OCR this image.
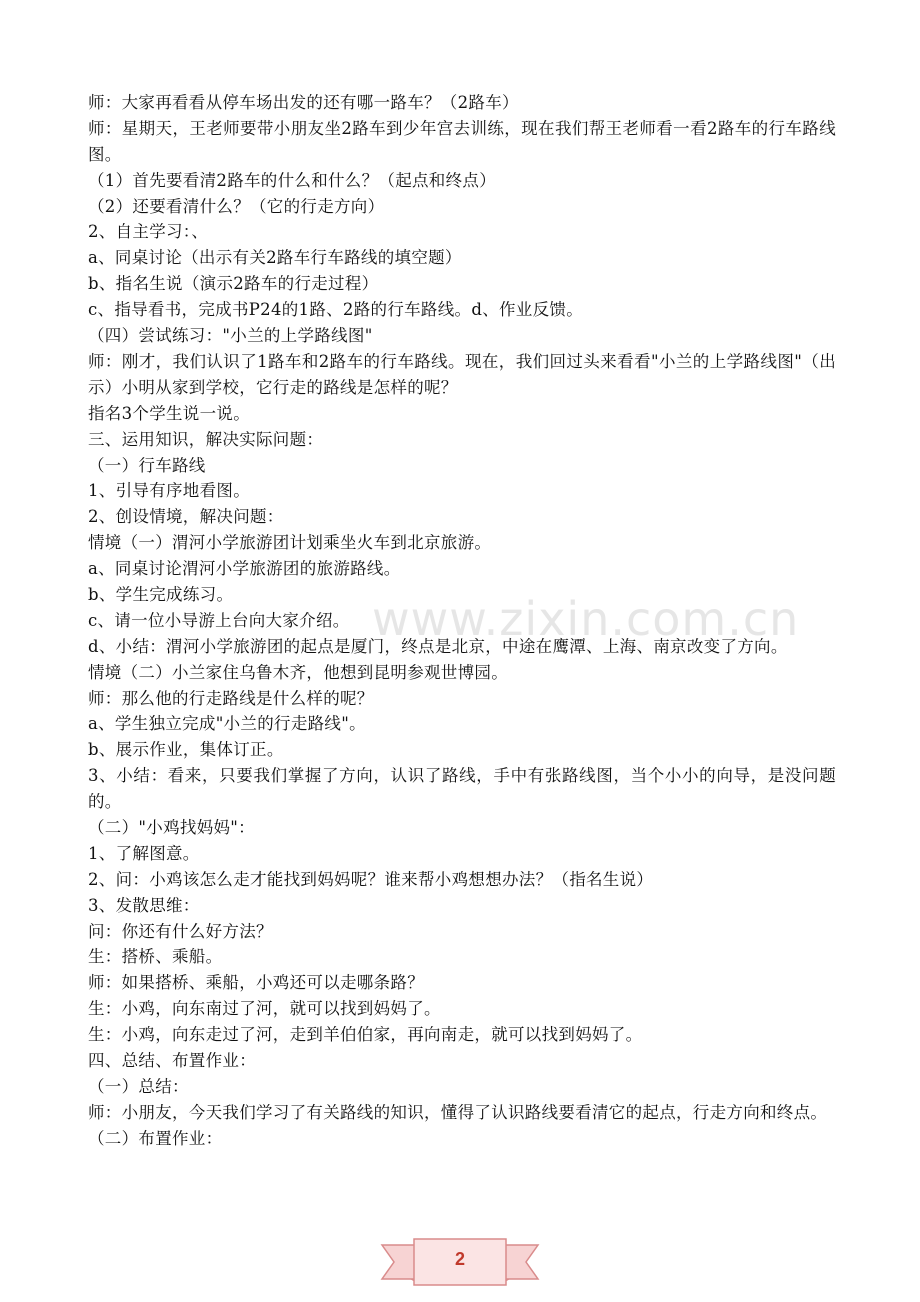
www.zixin.com.cn
师：大家再看看从停车场出发的还有哪一路车？（2路车）
师：星期天，王老师要带小朋友坐2路车到少年宫去训练，现在我们帮王老师看一看2路车的行车路线图。
（1）首先要看清2路车的什么和什么？（起点和终点）
（2）还要看清什么？（它的行走方向）
2、自主学习：、
a、同桌讨论（出示有关2路车行车路线的填空题）
b、指名生说（演示2路车的行走过程）
c、指导看书，完成书P24的1路、2路的行车路线。d、作业反馈。
（四）尝试练习："小兰的上学路线图"
师：刚才，我们认识了1路车和2路车的行车路线。现在，我们回过头来看看"小兰的上学路线图"（出示）小明从家到学校，它行走的路线是怎样的呢？
指名3个学生说一说。
三、运用知识，解决实际问题：
（一）行车路线
1、引导有序地看图。
2、创设情境，解决问题：
情境（一）渭河小学旅游团计划乘坐火车到北京旅游。
a、同桌讨论渭河小学旅游团的旅游路线。
b、学生完成练习。
c、请一位小导游上台向大家介绍。
d、小结：渭河小学旅游团的起点是厦门，终点是北京，中途在鹰潭、上海、南京改变了方向。
情境（二）小兰家住乌鲁木齐，他想到昆明参观世博园。
师：那么他的行走路线是什么样的呢？
a、学生独立完成"小兰的行走路线"。
b、展示作业，集体订正。
3、小结：看来，只要我们掌握了方向，认识了路线，手中有张路线图，当个小小的向导，是没问题的。
（二）"小鸡找妈妈"：
1、了解图意。
2、问：小鸡该怎么走才能找到妈妈呢？谁来帮小鸡想想办法？（指名生说）
3、发散思维：
问：你还有什么好方法？
生：搭桥、乘船。
师：如果搭桥、乘船，小鸡还可以走哪条路？
生：小鸡，向东南过了河，就可以找到妈妈了。
生：小鸡，向东走过了河，走到羊伯伯家，再向南走，就可以找到妈妈了。
四、总结、布置作业：
（一）总结：
师：小朋友，今天我们学习了有关路线的知识，懂得了认识路线要看清它的起点，行走方向和终点。
（二）布置作业：
2
